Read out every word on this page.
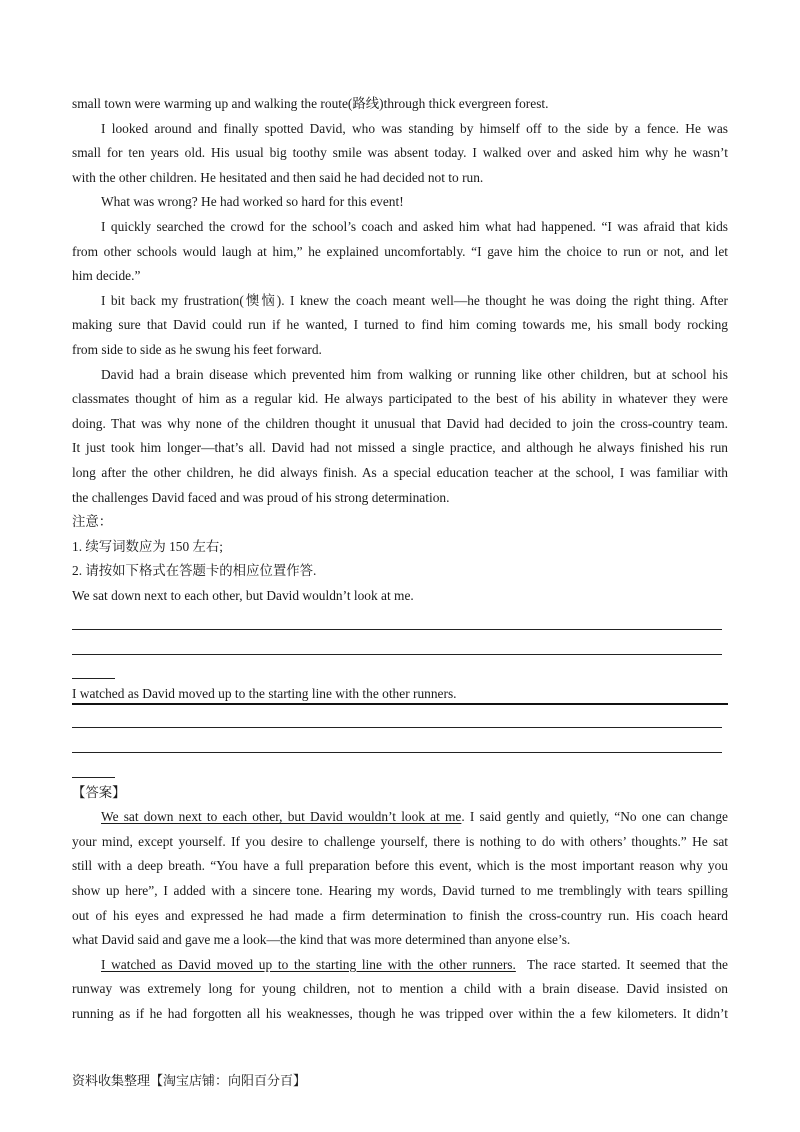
small town were warming up and walking the route(路线)through thick evergreen forest.
I looked around and finally spotted David, who was standing by himself off to the side by a fence. He was
small for ten years old. His usual big toothy smile was absent today. I walked over and asked him why he wasn’t
with the other children. He hesitated and then said he had decided not to run.
What was wrong? He had worked so hard for this event!
I quickly searched the crowd for the school’s coach and asked him what had happened. “I was afraid that kids
from other schools would laugh at him,” he explained uncomfortably. “I gave him the choice to run or not, and let
him decide.”
I bit back my frustration(懊恼). I knew the coach meant well—he thought he was doing the right thing. After
making sure that David could run if he wanted, I turned to find him coming towards me, his small body rocking
from side to side as he swung his feet forward.
David had a brain disease which prevented him from walking or running like other children, but at school his
classmates thought of him as a regular kid. He always participated to the best of his ability in whatever they were
doing. That was why none of the children thought it unusual that David had decided to join the cross-country team.
It just took him longer—that’s all. David had not missed a single practice, and although he always finished his run
long after the other children, he did always finish. As a special education teacher at the school, I was familiar with
the challenges David faced and was proud of his strong determination.
注意：
1. 续写词数应为 150 左右;
2. 请按如下格式在答题卡的相应位置作答.
We sat down next to each other, but David wouldn’t look at me.
I watched as David moved up to the starting line with the other runners.
【答案】
We sat down next to each other, but David wouldn’t look at me. I said gently and quietly, “No one can change
your mind, except yourself. If you desire to challenge yourself, there is nothing to do with others’ thoughts.” He sat
still with a deep breath. “You have a full preparation before this event, which is the most important reason why you
show up here”, I added with a sincere tone. Hearing my words, David turned to me tremblingly with tears spilling
out of his eyes and expressed he had made a firm determination to finish the cross-country run. His coach heard
what David said and gave me a look—the kind that was more determined than anyone else’s.
I watched as David moved up to the starting line with the other runners.  The race started. It seemed that the
runway was extremely long for young children, not to mention a child with a brain disease. David insisted on
running as if he had forgotten all his weaknesses, though he was tripped over within the a few kilometers. It didn’t
资料收集整理【淘宝店铺：向阳百分百】
